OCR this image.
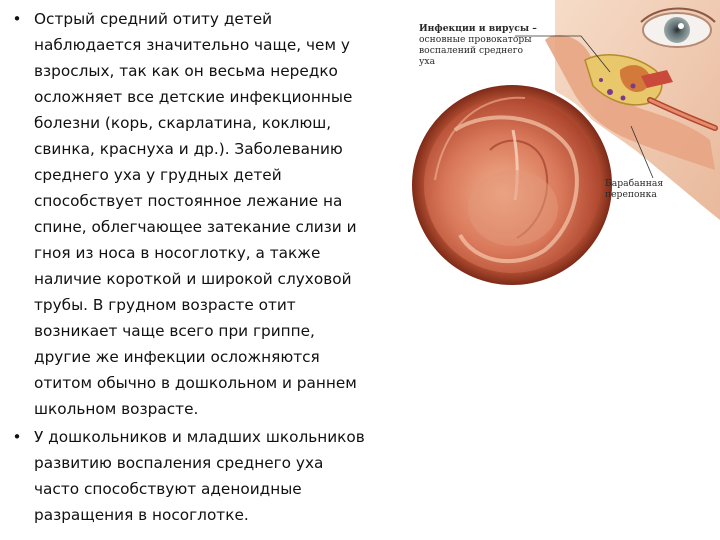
• Острый средний отиту детей
наблюдается значительно чаще, чем у
взрослых, так как он весьма нередко
осложняет все детские инфекционные
болезни (корь, скарлатина, коклюш,
свинка, краснуха и др.). Заболеванию
среднего уха у грудных детей
способствует постоянное лежание на
спине, облегчающее затекание слизи и
гноя из носа в носоглотку, а также
наличие короткой и широкой слуховой
трубы. В грудном возрасте отит
возникает чаще всего при гриппе,
другие же инфекции осложняются
отитом обычно в дошкольном и раннем
школьном возрасте.
• У дошкольников и младших школьников
развитию воспаления среднего уха
часто способствуют аденоидные
разращения в носоглотке.
Инфекции и вирусы –
основные провокаторы
воспалений среднего
уха
Барабанная
перепонка
